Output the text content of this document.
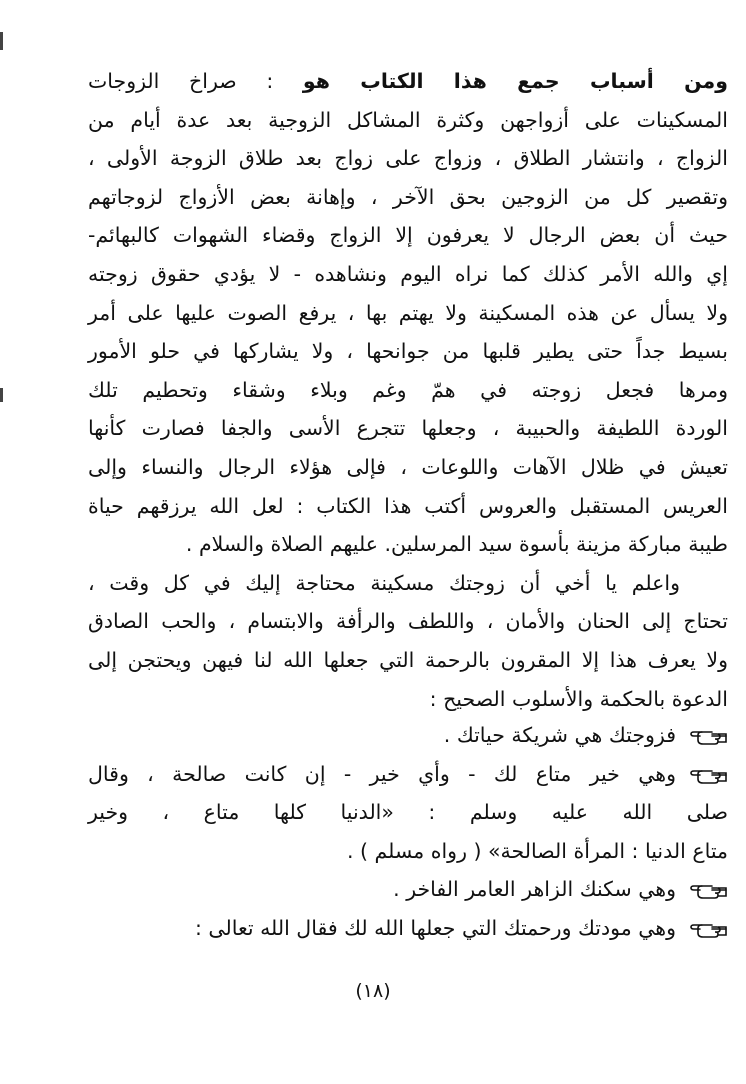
ومن أسباب جمع هذا الكتاب هو : صراخ الزوجات
المسكينات على أزواجهن وكثرة المشاكل الزوجية بعد عدة أيام من
الزواج ، وانتشار الطلاق ، وزواج على زواج بعد طلاق الزوجة الأولى ،
وتقصير كل من الزوجين بحق الآخر ، وإهانة بعض الأزواج لزوجاتهم
حيث أن بعض الرجال لا يعرفون إلا الزواج وقضاء الشهوات كالبهائم-
إي والله الأمر كذلك كما نراه اليوم ونشاهده - لا يؤدي حقوق زوجته
ولا يسأل عن هذه المسكينة ولا يهتم بها ، يرفع الصوت عليها على أمر
بسيط جداً حتى يطير قلبها من جوانحها ، ولا يشاركها في حلو الأمور
ومرها فجعل زوجته في همّ وغم وبلاء وشقاء وتحطيم تلك
الوردة اللطيفة والحبيبة ، وجعلها تتجرع الأسى والجفا فصارت كأنها
تعيش في ظلال الآهات واللوعات ، فإلى هؤلاء الرجال والنساء وإلى
العريس المستقبل والعروس أكتب هذا الكتاب : لعل الله يرزقهم حياة
طيبة مباركة مزينة بأسوة سيد المرسلين. عليهم الصلاة والسلام .
واعلم يا أخي أن زوجتك مسكينة محتاجة إليك في كل وقت ،
تحتاج إلى الحنان والأمان ، واللطف والرأفة والابتسام ، والحب الصادق
ولا يعرف هذا إلا المقرون بالرحمة التي جعلها الله لنا فيهن ويحتجن إلى
الدعوة بالحكمة والأسلوب الصحيح :
فزوجتك هي شريكة حياتك .
وهي خير متاع لك - وأي خير - إن كانت صالحة ، وقال
صلى الله عليه وسلم : «الدنيا كلها متاع ، وخير
متاع الدنيا : المرأة الصالحة» ( رواه مسلم ) .
وهي سكنك الزاهر العامر الفاخر .
وهي مودتك ورحمتك التي جعلها الله لك فقال الله تعالى :
(١٨)
